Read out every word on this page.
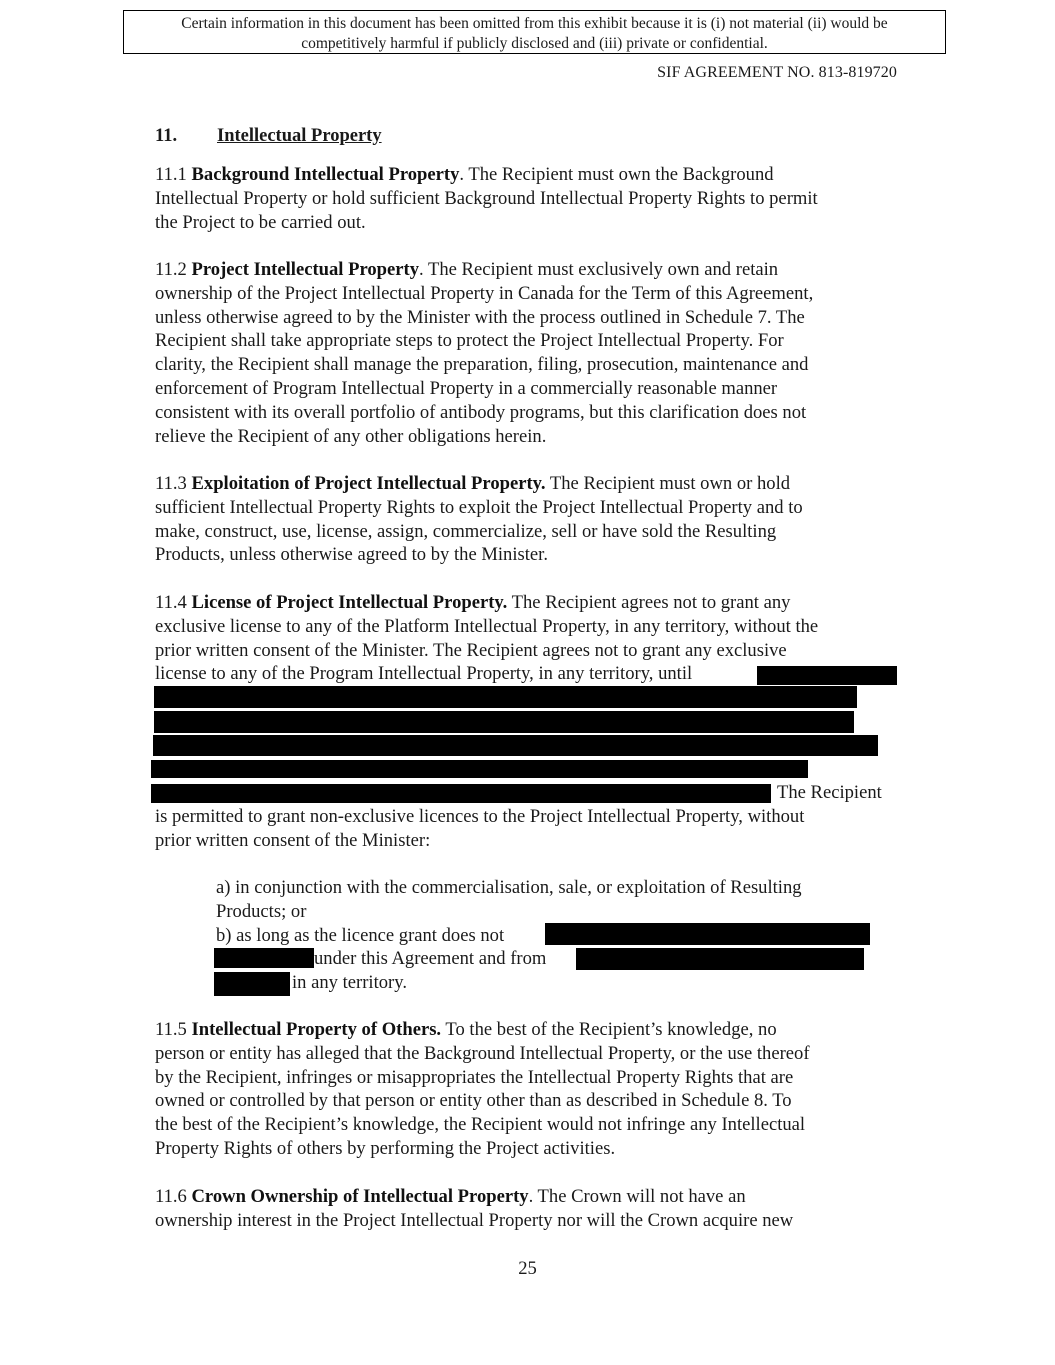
Certain information in this document has been omitted from this exhibit because it is (i) not material (ii) would be
competitively harmful if publicly disclosed and (iii) private or confidential.
SIF AGREEMENT NO. 813-819720
11. Intellectual Property
11.1 Background Intellectual Property. The Recipient must own the Background
Intellectual Property or hold sufficient Background Intellectual Property Rights to permit
the Project to be carried out.
11.2 Project Intellectual Property. The Recipient must exclusively own and retain
ownership of the Project Intellectual Property in Canada for the Term of this Agreement,
unless otherwise agreed to by the Minister with the process outlined in Schedule 7. The
Recipient shall take appropriate steps to protect the Project Intellectual Property. For
clarity, the Recipient shall manage the preparation, filing, prosecution, maintenance and
enforcement of Program Intellectual Property in a commercially reasonable manner
consistent with its overall portfolio of antibody programs, but this clarification does not
relieve the Recipient of any other obligations herein.
11.3 Exploitation of Project Intellectual Property. The Recipient must own or hold
sufficient Intellectual Property Rights to exploit the Project Intellectual Property and to
make, construct, use, license, assign, commercialize, sell or have sold the Resulting
Products, unless otherwise agreed to by the Minister.
11.4 License of Project Intellectual Property. The Recipient agrees not to grant any
exclusive license to any of the Platform Intellectual Property, in any territory, without the
prior written consent of the Minister. The Recipient agrees not to grant any exclusive
license to any of the Program Intellectual Property, in any territory, until
The Recipient
is permitted to grant non-exclusive licences to the Project Intellectual Property, without
prior written consent of the Minister:
a) in conjunction with the commercialisation, sale, or exploitation of Resulting
Products; or
b) as long as the licence grant does not
under this Agreement and from
in any territory.
11.5 Intellectual Property of Others. To the best of the Recipient’s knowledge, no
person or entity has alleged that the Background Intellectual Property, or the use thereof
by the Recipient, infringes or misappropriates the Intellectual Property Rights that are
owned or controlled by that person or entity other than as described in Schedule 8. To
the best of the Recipient’s knowledge, the Recipient would not infringe any Intellectual
Property Rights of others by performing the Project activities.
11.6 Crown Ownership of Intellectual Property. The Crown will not have an
ownership interest in the Project Intellectual Property nor will the Crown acquire new
25
